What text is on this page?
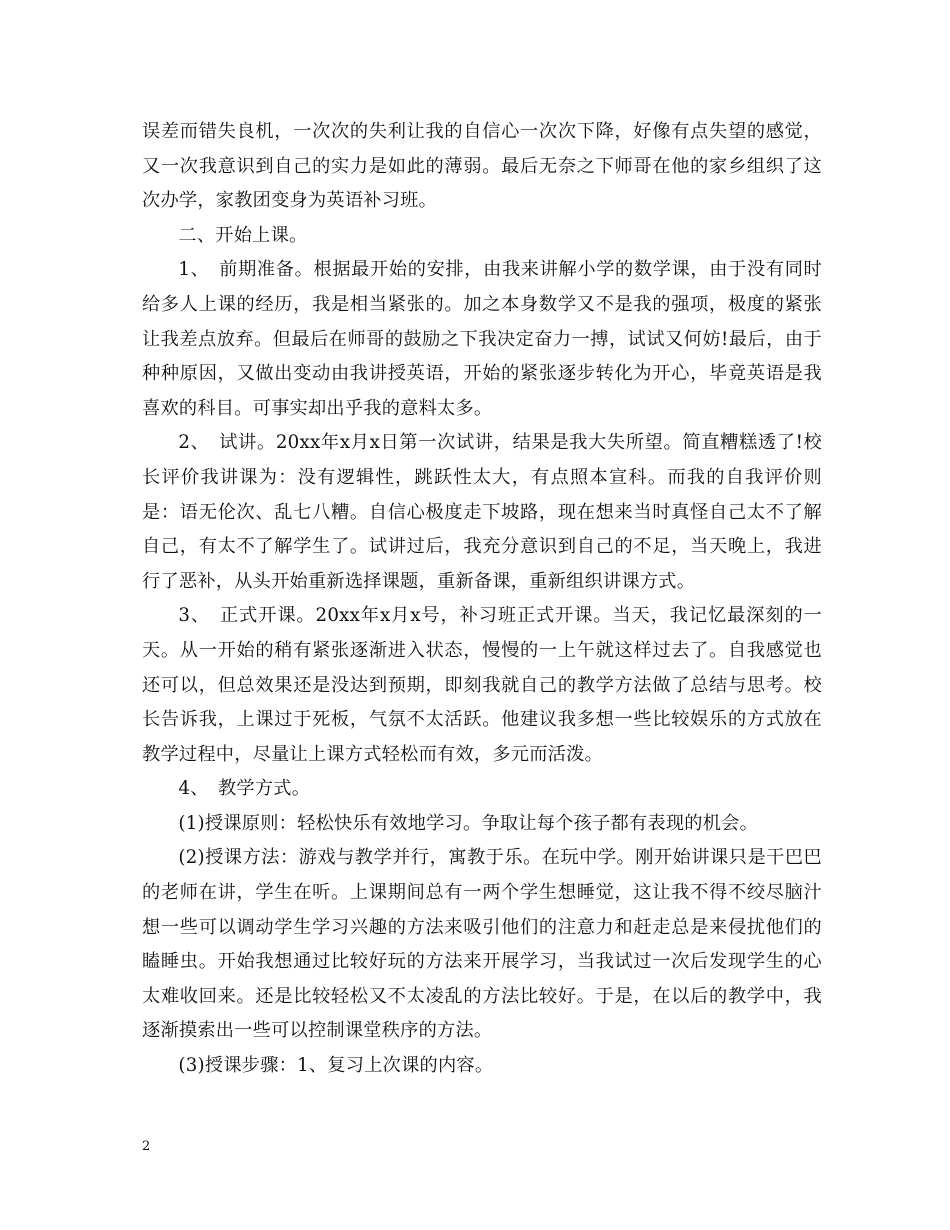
误差而错失良机，一次次的失利让我的自信心一次次下降，好像有点失望的感觉，又一次我意识到自己的实力是如此的薄弱。最后无奈之下师哥在他的家乡组织了这次办学，家教团变身为英语补习班。

二、开始上课。

1、　前期准备。根据最开始的安排，由我来讲解小学的数学课，由于没有同时给多人上课的经历，我是相当紧张的。加之本身数学又不是我的强项，极度的紧张让我差点放弃。但最后在师哥的鼓励之下我决定奋力一搏，试试又何妨!最后，由于种种原因，又做出变动由我讲授英语，开始的紧张逐步转化为开心，毕竟英语是我喜欢的科目。可事实却出乎我的意料太多。

2、　试讲。20xx年x月x日第一次试讲，结果是我大失所望。简直糟糕透了!校长评价我讲课为：没有逻辑性，跳跃性太大，有点照本宣科。而我的自我评价则是：语无伦次、乱七八糟。自信心极度走下坡路，现在想来当时真怪自己太不了解自己，有太不了解学生了。试讲过后，我充分意识到自己的不足，当天晚上，我进行了恶补，从头开始重新选择课题，重新备课，重新组织讲课方式。

3、　正式开课。20xx年x月x号，补习班正式开课。当天，我记忆最深刻的一天。从一开始的稍有紧张逐渐进入状态，慢慢的一上午就这样过去了。自我感觉也还可以，但总效果还是没达到预期，即刻我就自己的教学方法做了总结与思考。校长告诉我，上课过于死板，气氛不太活跃。他建议我多想一些比较娱乐的方式放在教学过程中，尽量让上课方式轻松而有效，多元而活泼。

4、　教学方式。

(1)授课原则：轻松快乐有效地学习。争取让每个孩子都有表现的机会。

(2)授课方法：游戏与教学并行，寓教于乐。在玩中学。刚开始讲课只是干巴巴的老师在讲，学生在听。上课期间总有一两个学生想睡觉，这让我不得不绞尽脑汁想一些可以调动学生学习兴趣的方法来吸引他们的注意力和赶走总是来侵扰他们的瞌睡虫。开始我想通过比较好玩的方法来开展学习，当我试过一次后发现学生的心太难收回来。还是比较轻松又不太凌乱的方法比较好。于是，在以后的教学中，我逐渐摸索出一些可以控制课堂秩序的方法。

(3)授课步骤：1、复习上次课的内容。

2
